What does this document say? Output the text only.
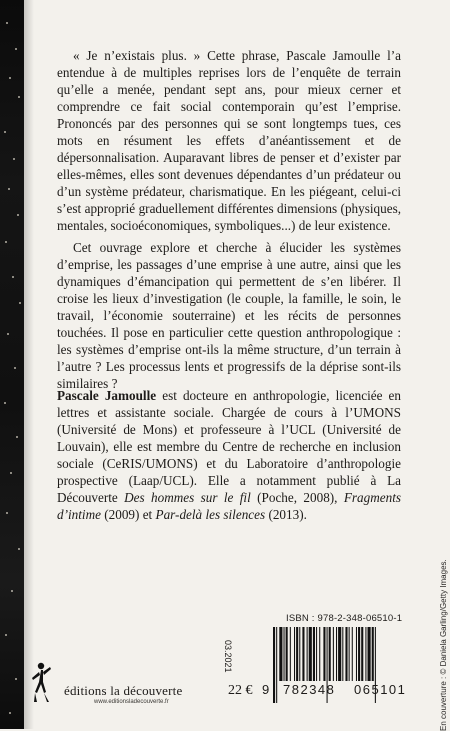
« Je n’existais plus. » Cette phrase, Pascale Jamoulle l’a entendue à de multiples reprises lors de l’enquête de terrain qu’elle a menée, pendant sept ans, pour mieux cerner et comprendre ce fait social contemporain qu’est l’emprise. Prononcés par des personnes qui se sont longtemps tues, ces mots en résument les effets d’anéantissement et de dépersonnalisation. Auparavant libres de penser et d’exister par elles-mêmes, elles sont devenues dépendantes d’un prédateur ou d’un système prédateur, charismatique. En les piégeant, celui-ci s’est approprié graduellement différentes dimensions (physiques, mentales, socioéconomiques, symboliques...) de leur existence.

Cet ouvrage explore et cherche à élucider les systèmes d’emprise, les passages d’une emprise à une autre, ainsi que les dynamiques d’émancipation qui permettent de s’en libérer. Il croise les lieux d’investigation (le couple, la famille, le soin, le travail, l’économie souterraine) et les récits de personnes touchées. Il pose en particulier cette question anthropologique : les systèmes d’emprise ont-ils la même structure, d’un terrain à l’autre ? Les processus lents et progressifs de la déprise sont-ils similaires ?

Pascale Jamoulle est docteure en anthropologie, licenciée en lettres et assistante sociale. Chargée de cours à l’UMONS (Université de Mons) et professeure à l’UCL (Université de Louvain), elle est membre du Centre de recherche en inclusion sociale (CeRIS/UMONS) et du Laboratoire d’anthropologie prospective (Laap/UCL). Elle a notamment publié à La Découverte Des hommes sur le fil (Poche, 2008), Fragments d’intime (2009) et Par-delà les silences (2013).

éditions la découverte
www.editionsladecouverte.fr
03.2021
22 €
ISBN : 978-2-348-06510-1
9 782348	065101	En couverture : © Daniela Garling/Getty Images.
